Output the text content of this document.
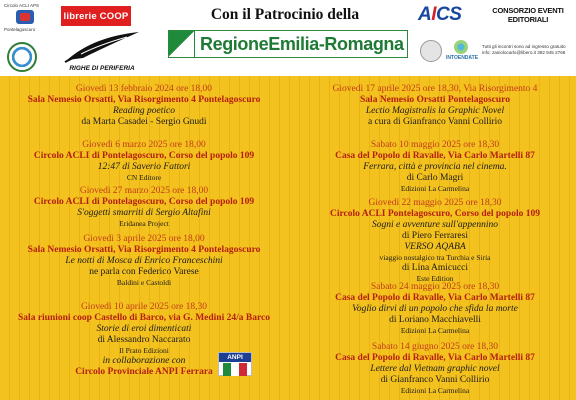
Circolo ACLI APS
Pontelagoscuro
librerie COOP
RIGHE DI PERIFERIA
Con il Patrocinio della
RegioneEmilia-Romagna
AICS	CONSORZIO EVENTI EDITORIALI
INTOENDATE
Tutti gli incontri sono ad ingresso gratuito info: zaniolocarlo@libero.it 392 945 2766
Giovedì 13 febbraio 2024 ore 18,00
Sala Nemesio Orsatti, Via Risorgimento 4 Pontelagoscuro
Reading poetico
da Marta Casadei - Sergio Gnudi
Giovedì 6 marzo 2025 ore 18,00
Circolo ACLI di Pontelagoscuro, Corso del popolo 109
12:47 di Saverio Fattori
CN Editore
Giovedì 27 marzo 2025 ore 18,00
Circolo ACLI di Pontelagoscuro, Corso del popolo 109
S'oggetti smarriti di Sergio Altafini
Eridanea Project
Giovedì 3 aprile 2025 ore 18,00
Sala Nemesio Orsatti, Via Risorgimento 4 Pontelagoscuro
Le notti di Mosca di Enrico Franceschini
ne parla con Federico Varese
Baldini e Castoldi
Giovedì 10 aprile 2025 ore 18,30
Sala riunioni coop Castello di Barco, via G. Medini 24/a Barco
Storie di eroi dimenticati
di Alessandro Naccarato
Il Prato Edizioni
in collaborazione con
Circolo Provinciale ANPI Ferrara
Giovedì 17 aprile 2025 ore 18,30, Via Risorgimento 4
Sala Nemesio Orsatti Pontelagoscuro
Lectio Magistralis la Graphic Novel
a cura di Gianfranco Vanni Collirio
Sabato 10 maggio 2025 ore 18,30
Casa del Popolo di Ravalle, Via Carlo Martelli 87
Ferrara, città e provincia nel cinema.
di Carlo Magri
Edizioni La Carmelina
Giovedì 22 maggio 2025 ore 18,30
Circolo ACLI Pontelagoscuro, Corso del popolo 109
Sogni e avventure sull'appennino
di Piero Ferraresi
VERSO AQABA
viaggio nostalgico tra Turchia e Siria
di Lina Amicucci
Este Edition
Sabato 24 maggio 2025 ore 18,30
Casa del Popolo di Ravalle, Via Carlo Martelli 87
Voglio dirvi di un popolo che sfida la morte
di Loriano Macchiavelli
Edizioni La Carmelina
Sabato 14 giugno 2025 ore 18,30
Casa del Popolo di Ravalle, Via Carlo Martelli 87
Lettere dal Vietnam graphic novel
di Gianfranco Vanni Collirio
Edizioni La Carmelina
ANPI
